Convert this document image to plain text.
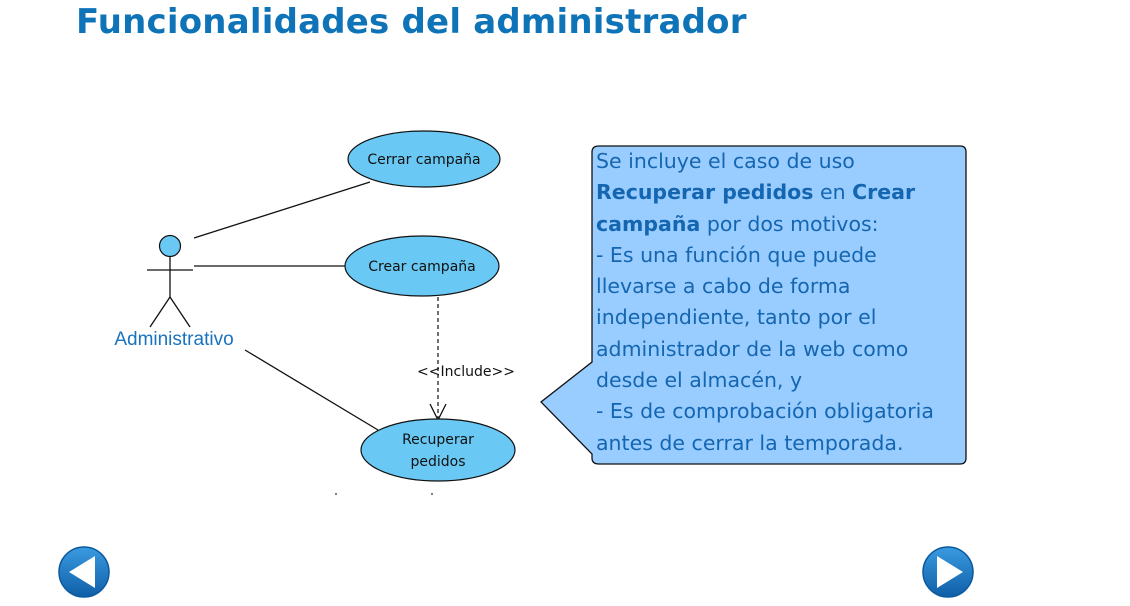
Funcionalidades del administrador
<<Include>>
Administrativo
Cerrar campaña
Crear campaña
Recuperar
pedidos
Se incluye el caso de uso
Recuperar pedidos en Crear
campaña por dos motivos:
- Es una función que puede
llevarse a cabo de forma
independiente, tanto por el
administrador de la web como
desde el almacén, y
- Es de comprobación obligatoria
antes de cerrar la temporada.
